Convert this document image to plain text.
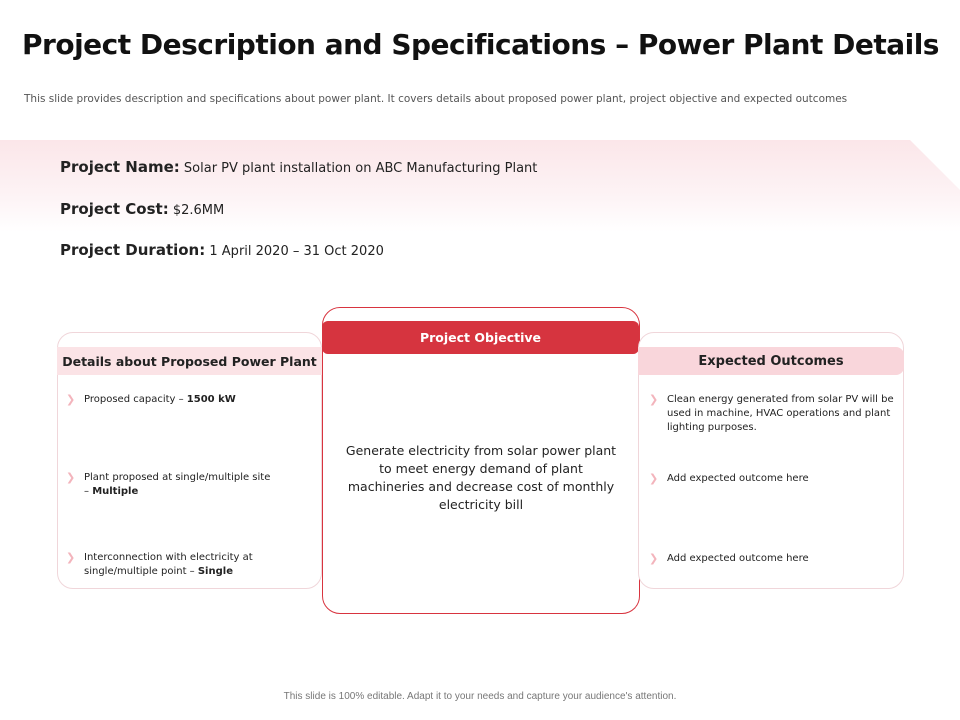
Project Description and Specifications – Power Plant Details
This slide provides description and specifications about power plant. It covers details about proposed power plant, project objective and expected outcomes
Project Name: Solar PV plant installation on ABC Manufacturing Plant
Project Cost: $2.6MM
Project Duration: 1 April 2020 – 31 Oct 2020
Details about Proposed Power Plant
❯ Proposed capacity – 1500 kW
❯ Plant proposed at single/multiple site – Multiple
❯ Interconnection with electricity at single/multiple point – Single
Project Objective
Generate electricity from solar power plant to meet energy demand of plant machineries and decrease cost of monthly electricity bill
Expected Outcomes
❯ Clean energy generated from solar PV will be used in machine, HVAC operations and plant lighting purposes.
❯ Add expected outcome here
❯ Add expected outcome here
This slide is 100% editable. Adapt it to your needs and capture your audience's attention.
